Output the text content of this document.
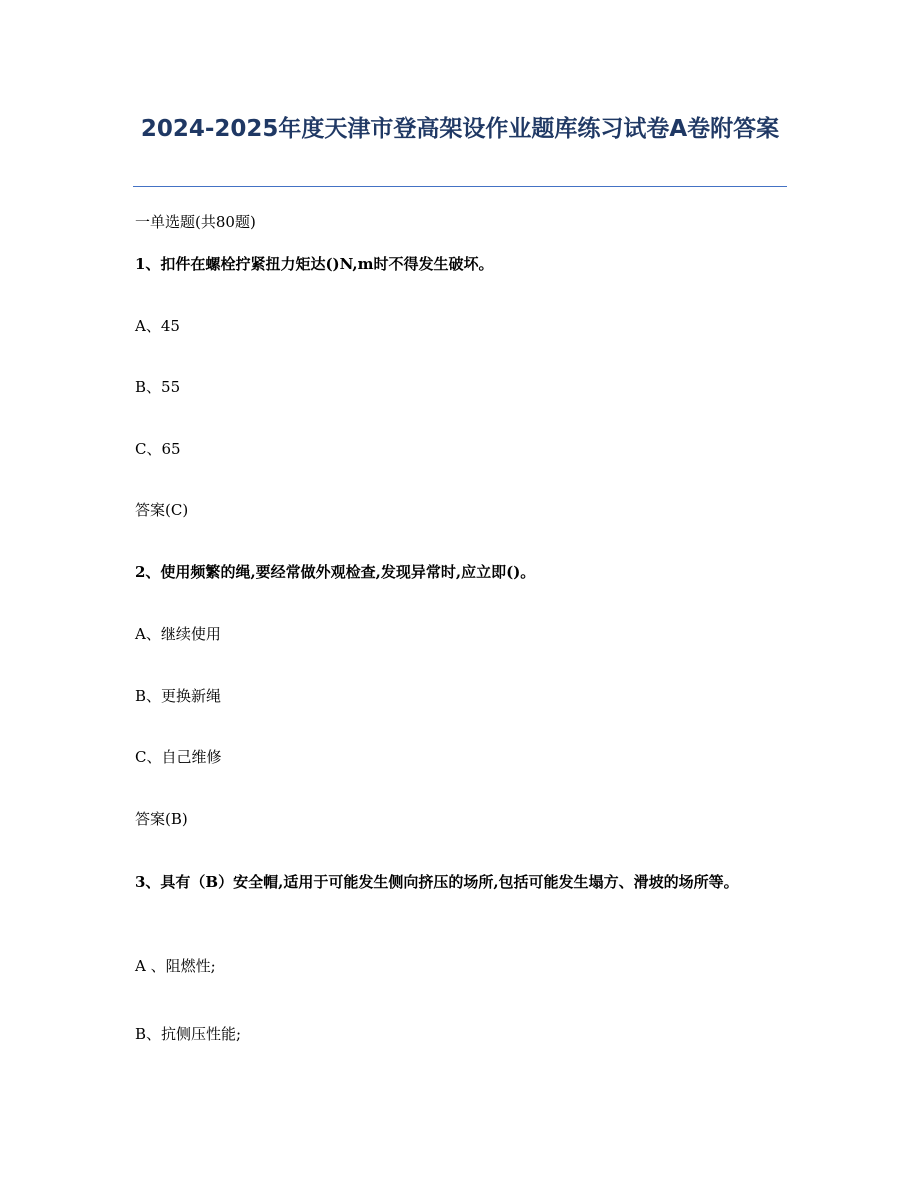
2024-2025年度天津市登高架设作业题库练习试卷A卷附答案

一单选题(共80题)

1、扣件在螺栓拧紧扭力矩达()N,m时不得发生破坏。

A、45

B、55

C、65

答案(C)

2、使用频繁的绳,要经常做外观检查,发现异常时,应立即()。

A、继续使用

B、更换新绳

C、自己维修

答案(B)

3、具有（B）安全帽,适用于可能发生侧向挤压的场所,包括可能发生塌方、滑坡的场所等。

A 、阻燃性;

B、抗侧压性能;
